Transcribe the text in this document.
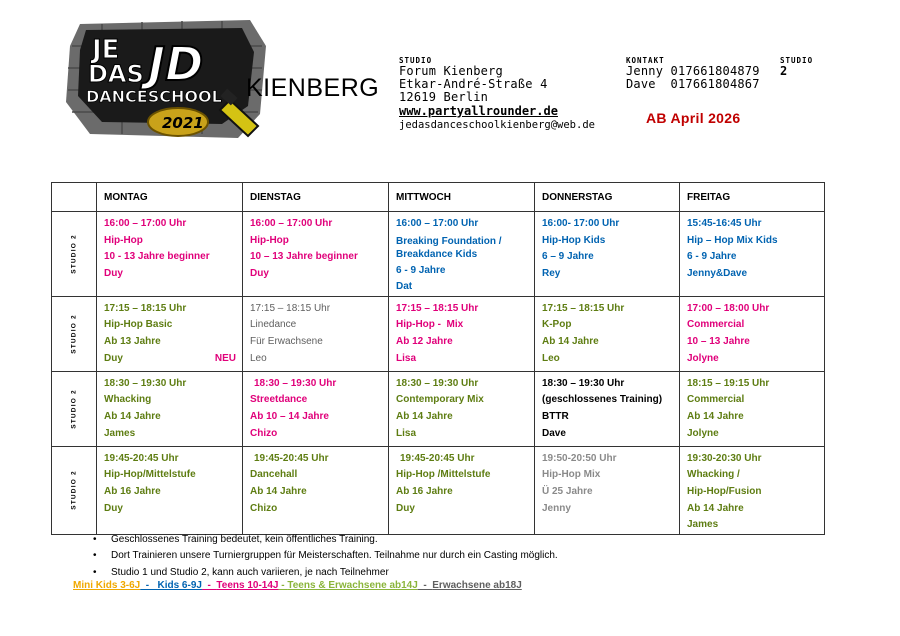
JE
DAS JD
DANCESCHOOL
2021
KIENBERG
STUDIO
Forum Kienberg
Etkar-André-Straße 4
12619 Berlin
www.partyallrounder.de
jedasdanceschoolkienberg@web.de
KONTAKT
Jenny 017661804879
Dave  017661804867
STUDIO
2
AB April 2026
	MONTAG	DIENSTAG	MITTWOCH	DONNERSTAG	FREITAG

STUDIO 2	16:00 – 17:00 Uhr
Hip-Hop
10 - 13 Jahre beginner
Duy	16:00 – 17:00 Uhr
Hip-Hop
10 – 13 Jahre beginner
Duy	16:00 – 17:00 Uhr
Breaking Foundation / Breakdance Kids
6 - 9 Jahre
Dat	16:00- 17:00 Uhr
Hip-Hop Kids
6 – 9 Jahre
Rey	15:45-16:45 Uhr
Hip – Hop Mix Kids
6 - 9 Jahre
Jenny&Dave

STUDIO 2	17:15 – 18:15 Uhr
Hip-Hop Basic
Ab 13 Jahre
Duy NEU	17:15 – 18:15 Uhr
Linedance
Für Erwachsene
Leo	17:15 – 18:15 Uhr
Hip-Hop -  Mix
Ab 12 Jahre
Lisa	17:15 – 18:15 Uhr
K-Pop
Ab 14 Jahre
Leo	17:00 – 18:00 Uhr
Commercial
10 – 13 Jahre
Jolyne

STUDIO 2	18:30 – 19:30 Uhr
Whacking
Ab 14 Jahre
James	18:30 – 19:30 Uhr
Streetdance
Ab 10 – 14 Jahre
Chizo	18:30 – 19:30 Uhr
Contemporary Mix
Ab 14 Jahre
Lisa	18:30 – 19:30 Uhr
(geschlossenes Training)
BTTR
Dave	18:15 – 19:15 Uhr
Commercial
Ab 14 Jahre
Jolyne

STUDIO 2	19:45-20:45 Uhr
Hip-Hop/Mittelstufe
Ab 16 Jahre
Duy	19:45-20:45 Uhr
Dancehall
Ab 14 Jahre
Chizo	19:45-20:45 Uhr
Hip-Hop /Mittelstufe
Ab 16 Jahre
Duy	19:50-20:50 Uhr
Hip-Hop Mix
Ü 25 Jahre
Jenny	19:30-20:30 Uhr
Whacking /
Hip-Hop/Fusion
Ab 14 Jahre
James
• Geschlossenes Training bedeutet, kein öffentliches Training.
• Dort Trainieren unsere Turniergruppen für Meisterschaften. Teilnahme nur durch ein Casting möglich.
• Studio 1 und Studio 2, kann auch variieren, je nach Teilnehmer
Mini Kids 3-6J  -   Kids 6-9J  -  Teens 10-14J - Teens & Erwachsene ab14J  -  Erwachsene ab18J
